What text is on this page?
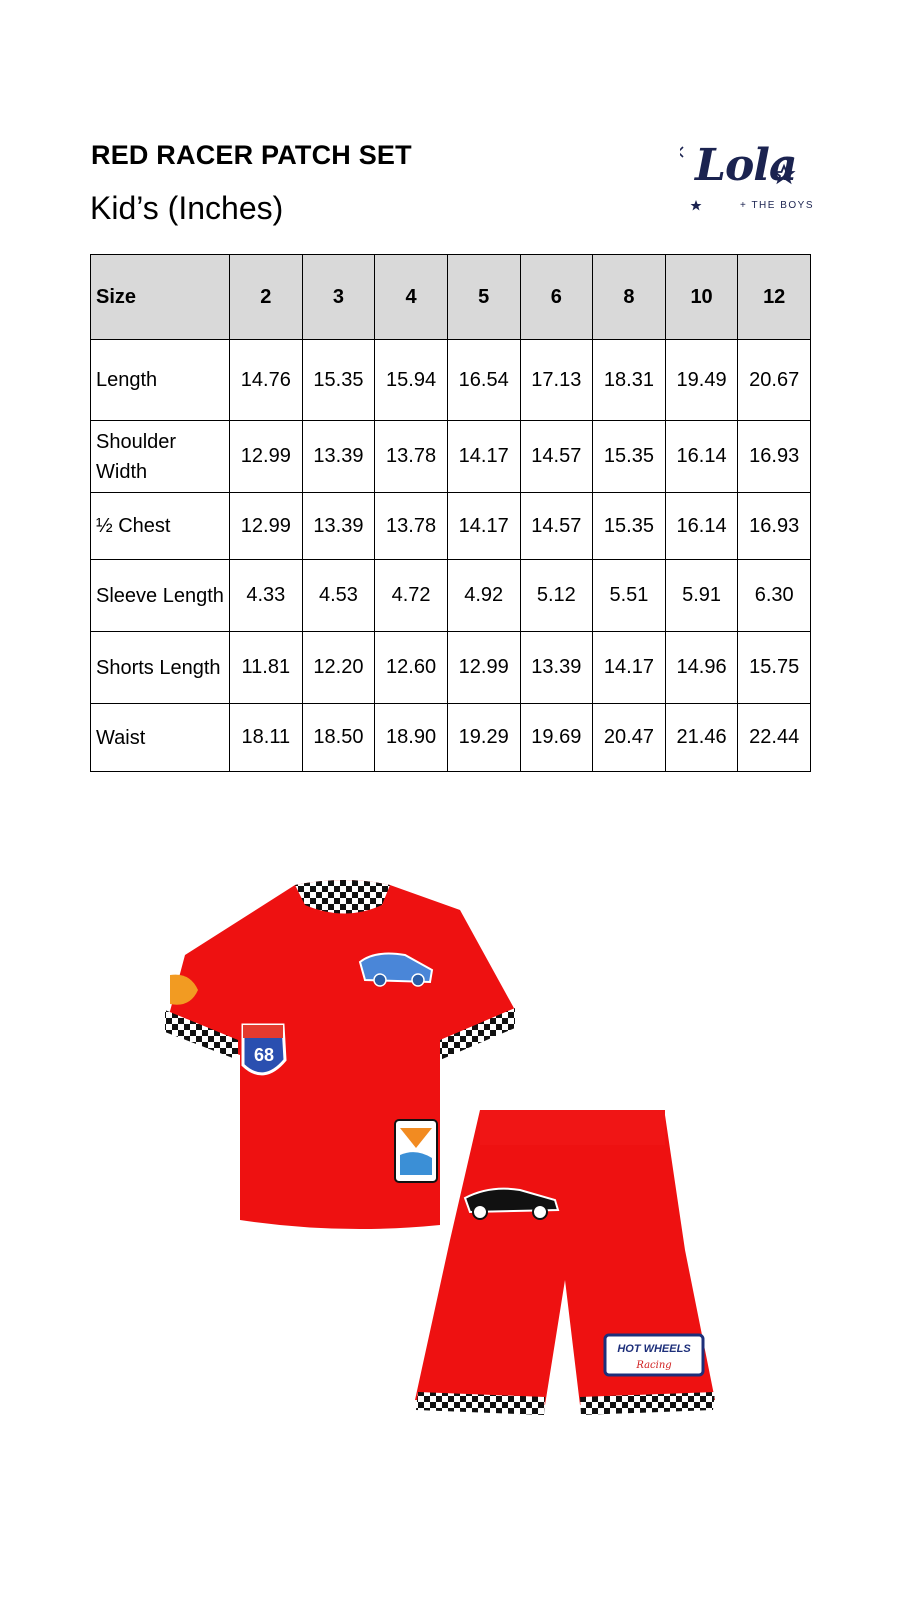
RED RACER PATCH SET
Kid’s (Inches)
Lola
+ THE BOYS
Size	2	3	4	5	6	8	10	12
Length	14.76	15.35	15.94	16.54	17.13	18.31	19.49	20.67
Shoulder Width	12.99	13.39	13.78	14.17	14.57	15.35	16.14	16.93
½ Chest	12.99	13.39	13.78	14.17	14.57	15.35	16.14	16.93
Sleeve Length	4.33	4.53	4.72	4.92	5.12	5.51	5.91	6.30
Shorts Length	11.81	12.20	12.60	12.99	13.39	14.17	14.96	15.75
Waist	18.11	18.50	18.90	19.29	19.69	20.47	21.46	22.44
68
HOT WHEELS
Racing
